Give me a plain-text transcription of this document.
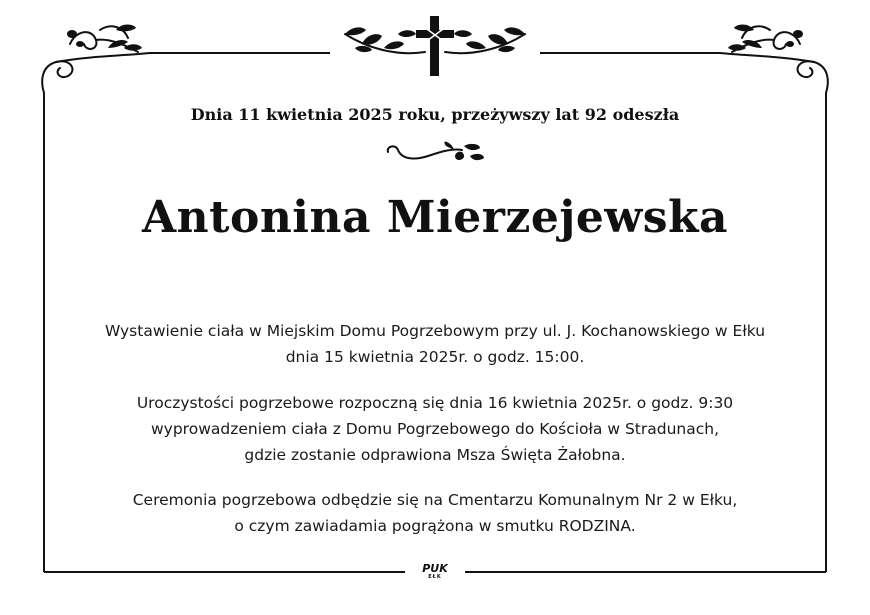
Dnia 11 kwietnia 2025 roku, przeżywszy lat 92 odeszła
Antonina Mierzejewska
Wystawienie ciała w Miejskim Domu Pogrzebowym przy ul. J. Kochanowskiego w Ełku
dnia 15 kwietnia 2025r. o godz. 15:00.
Uroczystości pogrzebowe rozpoczną się dnia 16 kwietnia 2025r. o godz. 9:30
wyprowadzeniem ciała z Domu Pogrzebowego do Kościoła w Stradunach,
gdzie zostanie odprawiona Msza Święta Żałobna.
Ceremonia pogrzebowa odbędzie się na Cmentarzu Komunalnym Nr 2 w Ełku,
o czym zawiadamia pogrążona w smutku RODZINA.
PUK
EŁK
